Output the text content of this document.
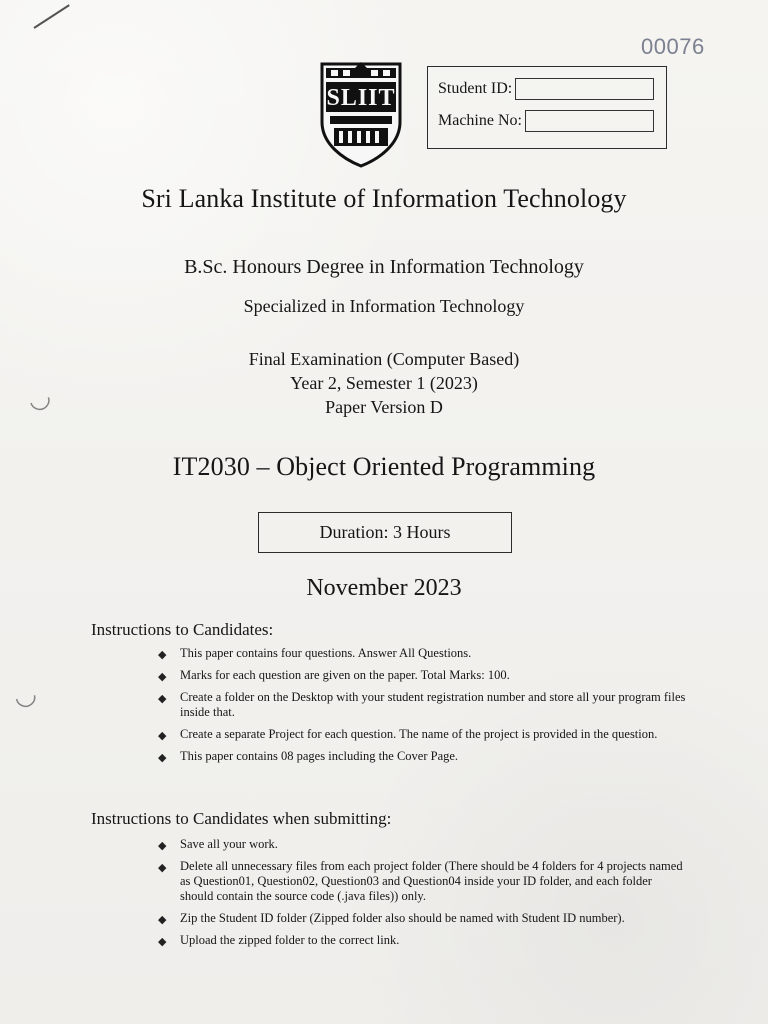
◡
◡
00076
SLIIT	Student ID:
Machine No:
Sri Lanka Institute of Information Technology
B.Sc. Honours Degree in Information Technology
Specialized in Information Technology
Final Examination (Computer Based)
Year 2, Semester 1 (2023)
Paper Version D
IT2030 – Object Oriented Programming
Duration: 3 Hours
November 2023
Instructions to Candidates:
◆ This paper contains four questions. Answer All Questions.
◆ Marks for each question are given on the paper. Total Marks: 100.
◆ Create a folder on the Desktop with your student registration number and store all your program files inside that.
◆ Create a separate Project for each question. The name of the project is provided in the question.
◆ This paper contains 08 pages including the Cover Page.
Instructions to Candidates when submitting:
◆ Save all your work.
◆ Delete all unnecessary files from each project folder (There should be 4 folders for 4 projects named as Question01, Question02, Question03 and Question04 inside your ID folder, and each folder should contain the source code (.java files)) only.
◆ Zip the Student ID folder (Zipped folder also should be named with Student ID number).
◆ Upload the zipped folder to the correct link.
